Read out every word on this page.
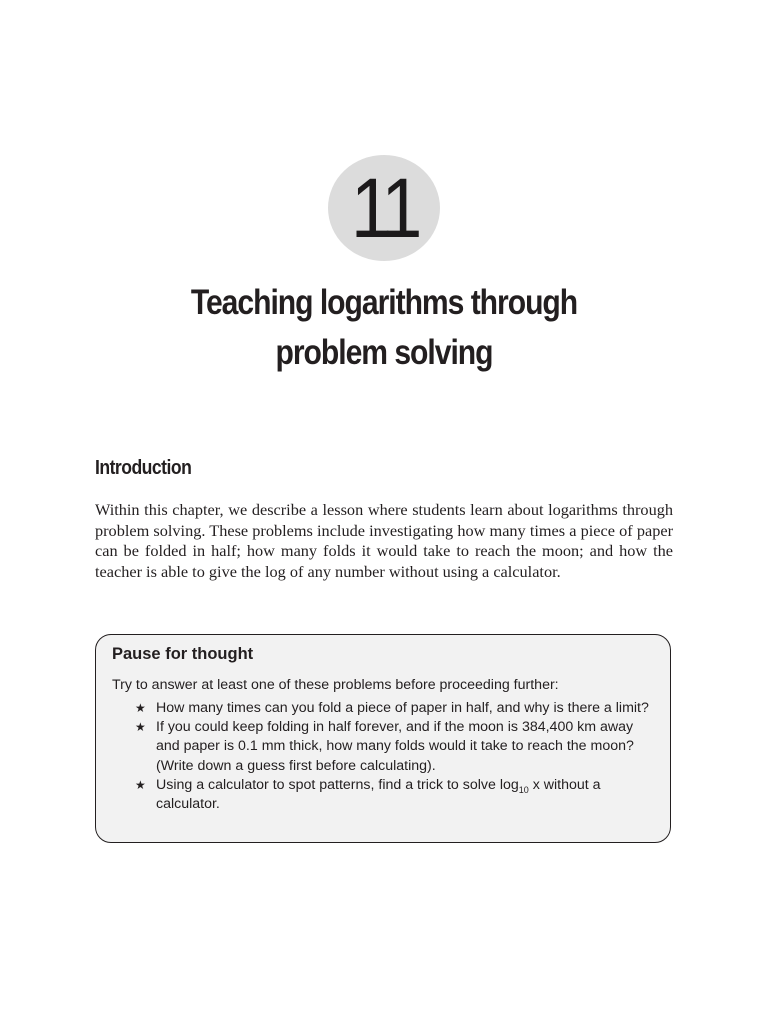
11
Teaching logarithms through
problem solving
Introduction

Within this chapter, we describe a lesson where students learn about logarithms through problem solving. These problems include investigating how many times a piece of paper can be folded in half; how many folds it would take to reach the moon; and how the teacher is able to give the log of any number without using a calculator.

Pause for thought
Try to answer at least one of these problems before proceeding further:
★ How many times can you fold a piece of paper in half, and why is there a limit?
★ If you could keep folding in half forever, and if the moon is 384,400 km away and paper is 0.1 mm thick, how many folds would it take to reach the moon? (Write down a guess first before calculating).
★ Using a calculator to spot patterns, find a trick to solve $\log_{10} x$ without a calculator.
